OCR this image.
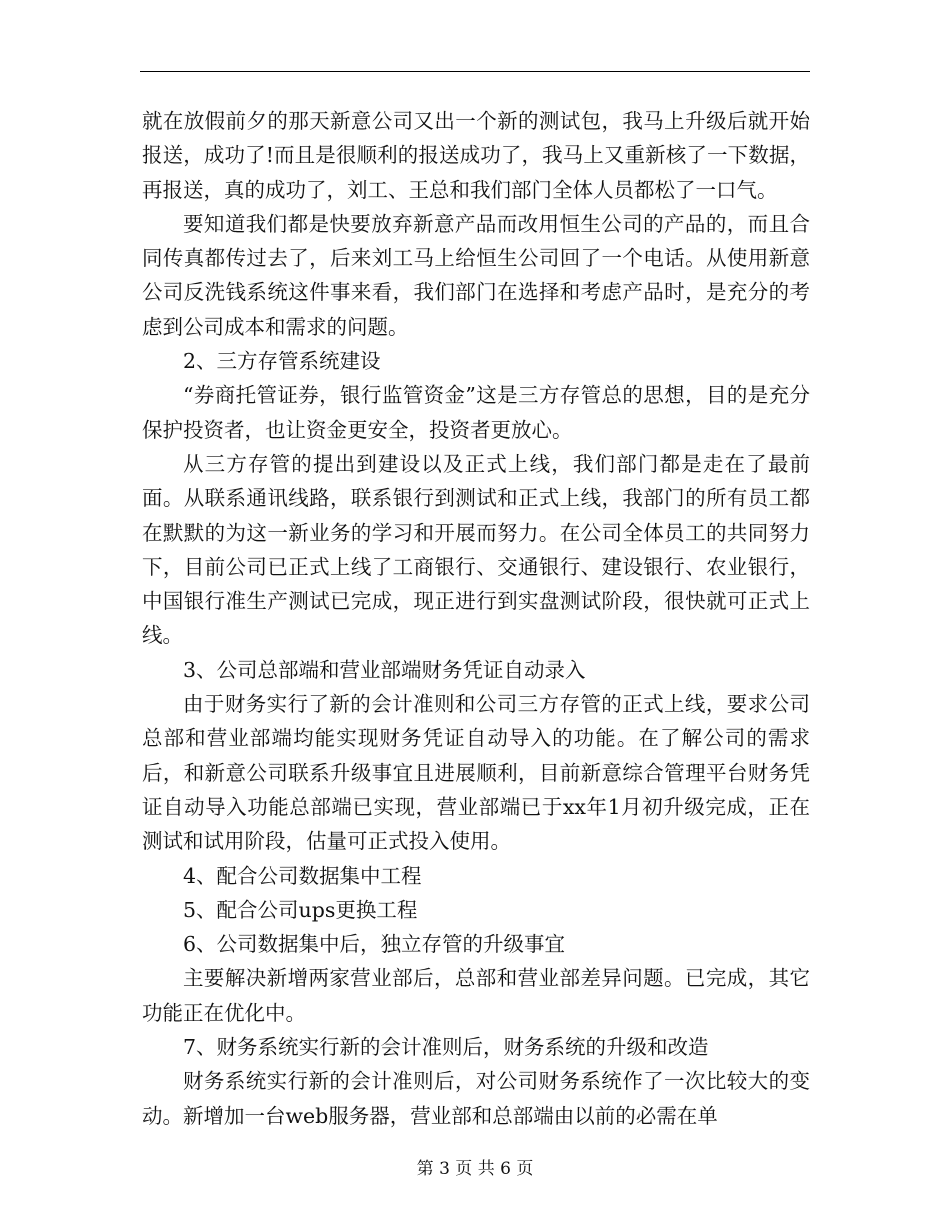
就在放假前夕的那天新意公司又出一个新的测试包，我马上升级后就开始报送，成功了!而且是很顺利的报送成功了，我马上又重新核了一下数据，再报送，真的成功了，刘工、王总和我们部门全体人员都松了一口气。

要知道我们都是快要放弃新意产品而改用恒生公司的产品的，而且合同传真都传过去了，后来刘工马上给恒生公司回了一个电话。从使用新意公司反洗钱系统这件事来看，我们部门在选择和考虑产品时，是充分的考虑到公司成本和需求的问题。

2、三方存管系统建设

“券商托管证券，银行监管资金”这是三方存管总的思想，目的是充分保护投资者，也让资金更安全，投资者更放心。

从三方存管的提出到建设以及正式上线，我们部门都是走在了最前面。从联系通讯线路，联系银行到测试和正式上线，我部门的所有员工都在默默的为这一新业务的学习和开展而努力。在公司全体员工的共同努力下，目前公司已正式上线了工商银行、交通银行、建设银行、农业银行，中国银行准生产测试已完成，现正进行到实盘测试阶段，很快就可正式上线。

3、公司总部端和营业部端财务凭证自动录入

由于财务实行了新的会计准则和公司三方存管的正式上线，要求公司总部和营业部端均能实现财务凭证自动导入的功能。在了解公司的需求后，和新意公司联系升级事宜且进展顺利，目前新意综合管理平台财务凭证自动导入功能总部端已实现，营业部端已于xx年1月初升级完成，正在测试和试用阶段，估量可正式投入使用。

4、配合公司数据集中工程

5、配合公司ups更换工程

6、公司数据集中后，独立存管的升级事宜

主要解决新增两家营业部后，总部和营业部差异问题。已完成，其它功能正在优化中。

7、财务系统实行新的会计准则后，财务系统的升级和改造

财务系统实行新的会计准则后，对公司财务系统作了一次比较大的变动。新增加一台web服务器，营业部和总部端由以前的必需在单

第 3 页 共 6 页
